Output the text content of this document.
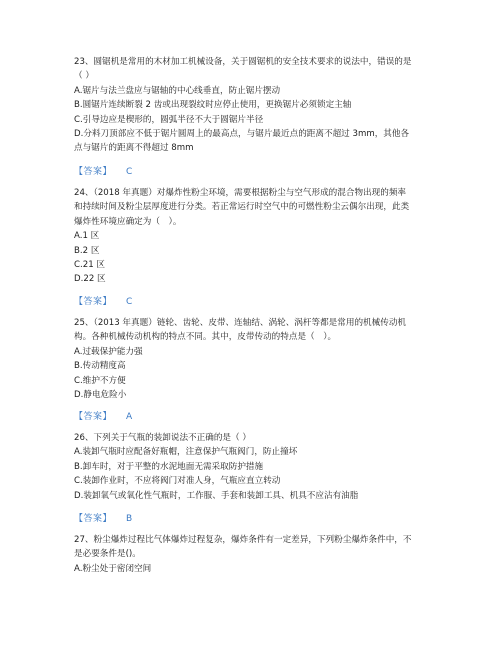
23、圆锯机是常用的木材加工机械设备，关于圆锯机的安全技术要求的说法中，错误的是
（ ）
A.锯片与法兰盘应与锯轴的中心线垂直，防止锯片摆动
B.圆锯片连续断裂 2 齿或出现裂纹时应停止使用，更换锯片必须锁定主轴
C.引导边应是楔形的，圆弧半径不大于圆锯片半径
D.分料刀顶部应不低于锯片圆周上的最高点，与锯片最近点的距离不超过 3mm，其他各
点与锯片的距离不得超过 8mm
【答案】 C
24、（2018 年真题）对爆炸性粉尘环境，需要根据粉尘与空气形成的混合物出现的频率
和持续时间及粉尘层厚度进行分类。若正常运行时空气中的可燃性粉尘云偶尔出现，此类
爆炸性环境应确定为（　）。
A.1 区
B.2 区
C.21 区
D.22 区
【答案】 C
25、（2013 年真题）链轮、齿轮、皮带、连轴结、涡轮、涡杆等都是常用的机械传动机
构。各种机械传动机构的特点不同。其中，皮带传动的特点是（　）。
A.过载保护能力强
B.传动精度高
C.维护不方便
D.静电危险小
【答案】 A
26、下列关于气瓶的装卸说法不正确的是（ ）
A.装卸气瓶时应配备好瓶帽，注意保护气瓶阀门，防止撞坏
B.卸车时，对于平整的水泥地面无需采取防护措施
C.装卸作业时，不应将阀门对准人身，气瓶应直立转动
D.装卸氧气或氧化性气瓶时，工作服、手套和装卸工具、机具不应沾有油脂
【答案】 B
27、粉尘爆炸过程比气体爆炸过程复杂，爆炸条件有一定差异，下列粉尘爆炸条件中，不
是必要条件是()。
A.粉尘处于密闭空间
